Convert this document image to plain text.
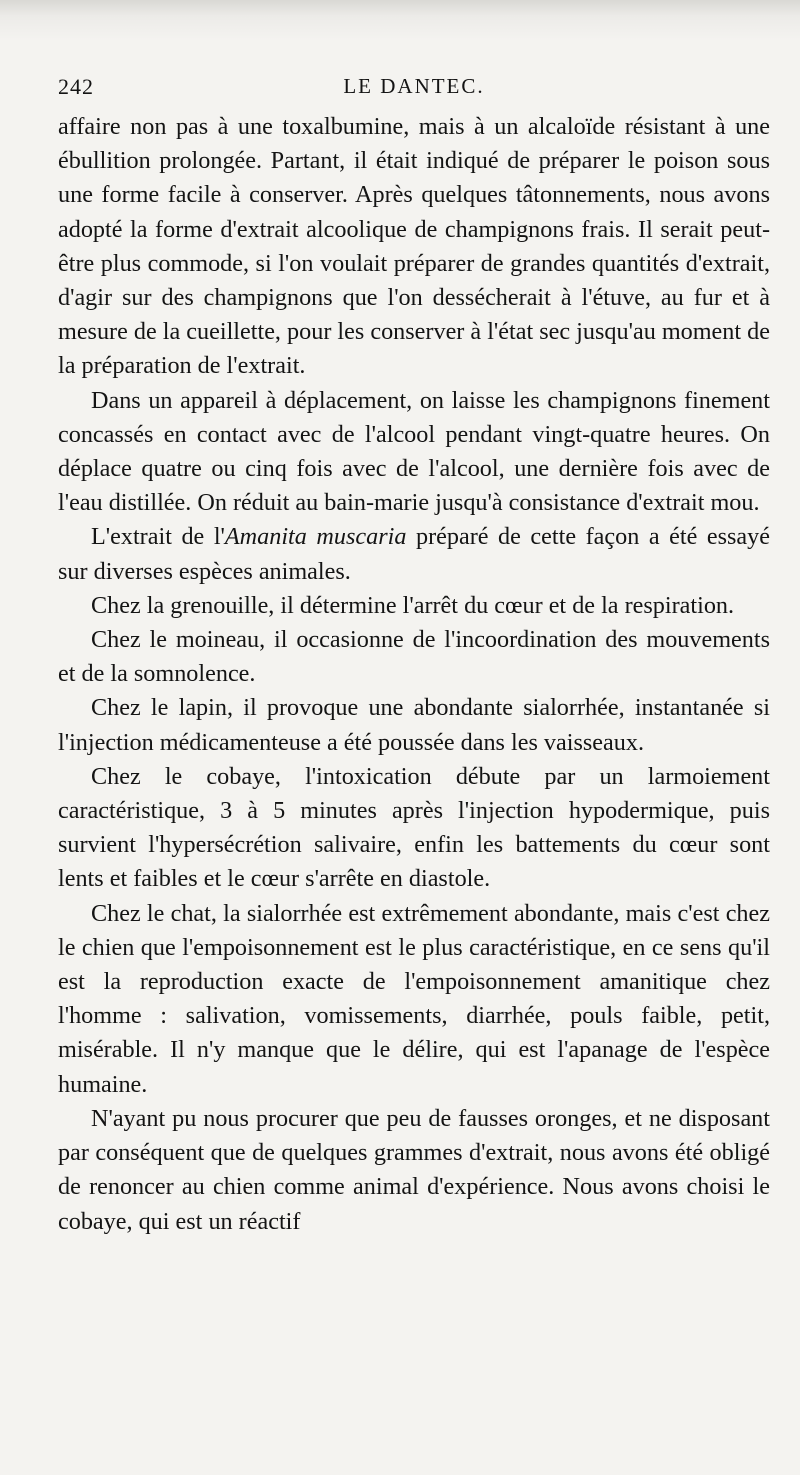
242	LE DANTEC.

affaire non pas à une toxalbumine, mais à un alcaloïde résistant à une ébullition prolongée. Partant, il était indiqué de préparer le poison sous une forme facile à conserver. Après quelques tâtonnements, nous avons adopté la forme d'extrait alcoolique de champignons frais. Il serait peut-être plus commode, si l'on voulait préparer de grandes quantités d'extrait, d'agir sur des champignons que l'on dessécherait à l'étuve, au fur et à mesure de la cueillette, pour les conserver à l'état sec jusqu'au moment de la préparation de l'extrait.

Dans un appareil à déplacement, on laisse les champignons finement concassés en contact avec de l'alcool pendant vingt-quatre heures. On déplace quatre ou cinq fois avec de l'alcool, une dernière fois avec de l'eau distillée. On réduit au bain-marie jusqu'à consistance d'extrait mou.

L'extrait de l'Amanita muscaria préparé de cette façon a été essayé sur diverses espèces animales.

Chez la grenouille, il détermine l'arrêt du cœur et de la respiration.

Chez le moineau, il occasionne de l'incoordination des mouvements et de la somnolence.

Chez le lapin, il provoque une abondante sialorrhée, instantanée si l'injection médicamenteuse a été poussée dans les vaisseaux.

Chez le cobaye, l'intoxication débute par un larmoiement caractéristique, 3 à 5 minutes après l'injection hypodermique, puis survient l'hypersécrétion salivaire, enfin les battements du cœur sont lents et faibles et le cœur s'arrête en diastole.

Chez le chat, la sialorrhée est extrêmement abondante, mais c'est chez le chien que l'empoisonnement est le plus caractéristique, en ce sens qu'il est la reproduction exacte de l'empoisonnement amanitique chez l'homme : salivation, vomissements, diarrhée, pouls faible, petit, misérable. Il n'y manque que le délire, qui est l'apanage de l'espèce humaine.

N'ayant pu nous procurer que peu de fausses oronges, et ne disposant par conséquent que de quelques grammes d'extrait, nous avons été obligé de renoncer au chien comme animal d'expérience. Nous avons choisi le cobaye, qui est un réactif
